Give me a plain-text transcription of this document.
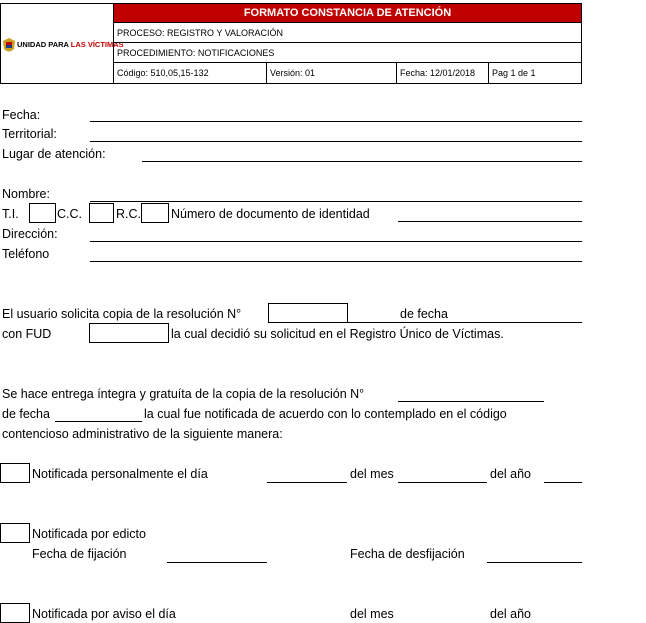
UNIDAD PARA LAS VÍCTIMAS
FORMATO CONSTANCIA DE ATENCIÓN
PROCESO: REGISTRO Y VALORACIÓN
PROCEDIMIENTO: NOTIFICACIONES
Código: 510,05,15-132	Versión: 01	Fecha: 12/01/2018	Pag 1 de 1
Fecha:
Territorial:
Lugar de atención:
Nombre:
T.I.	C.C.	R.C. Número de documento de identidad
Dirección:
Teléfono
El usuario solicita copia de la resolución N°	de fecha
con FUD	la cual decidió su solicitud en el Registro Único de Víctimas.
Se hace entrega íntegra y gratuíta de la copia de la resolución N°
de fecha	la cual fue notificada de acuerdo con lo contemplado en el código
contencioso administrativo de la siguiente manera:
Notificada personalmente el día	del mes	del año
Notificada por edicto
Fecha de fijación	Fecha de desfijación
Notificada por aviso el día	del mes	del año
